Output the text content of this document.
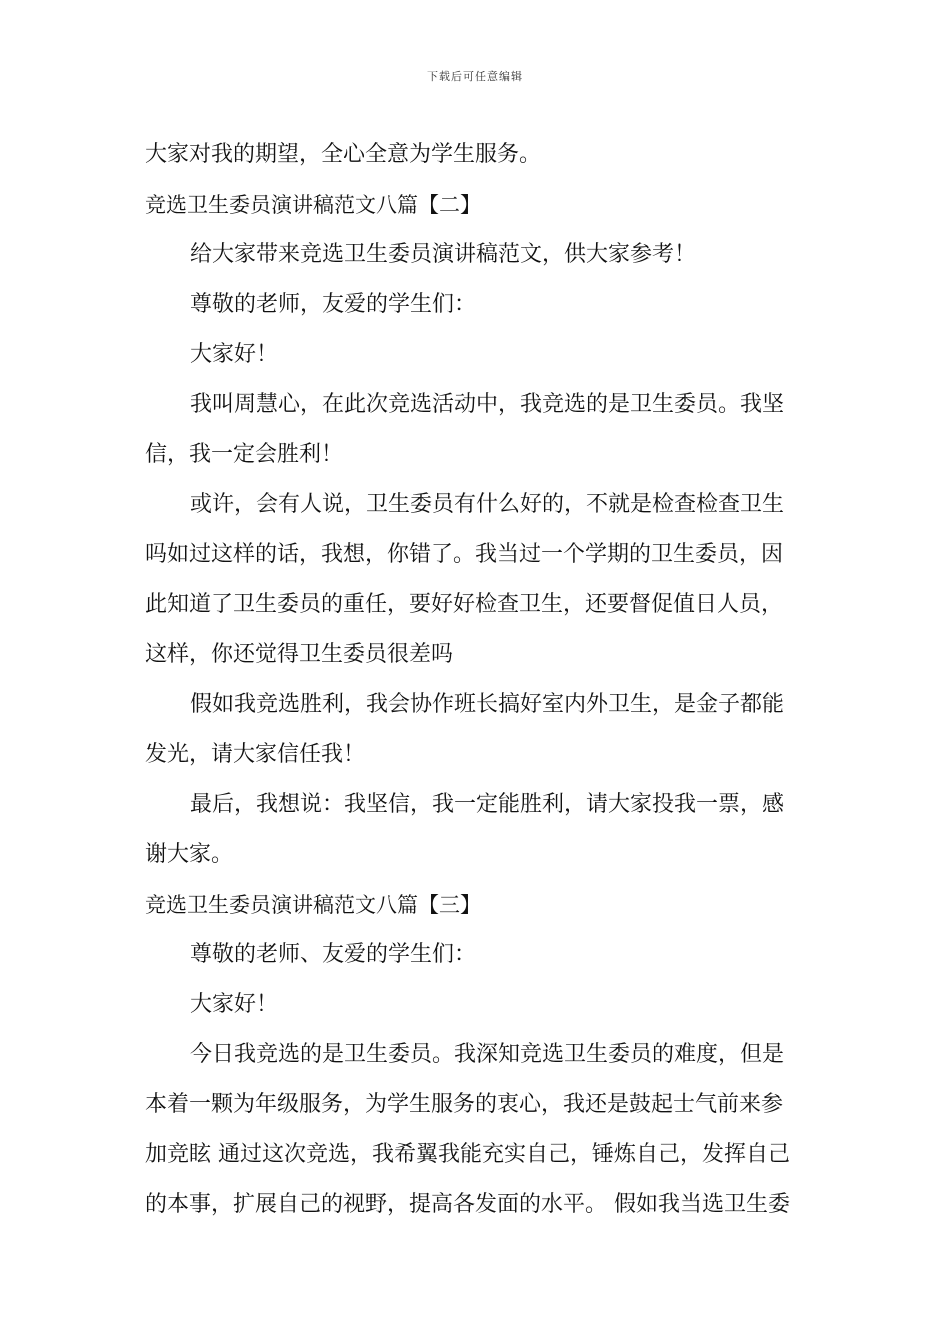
下载后可任意编辑
大家对我的期望，全心全意为学生服务。
竞选卫生委员演讲稿范文八篇【二】
给大家带来竞选卫生委员演讲稿范文，供大家参考！
尊敬的老师，友爱的学生们：
大家好！
我叫周慧心，在此次竞选活动中，我竞选的是卫生委员。我坚
信，我一定会胜利！
或许，会有人说，卫生委员有什么好的，不就是检查检查卫生
吗如过这样的话，我想，你错了。我当过一个学期的卫生委员，因
此知道了卫生委员的重任，要好好检查卫生，还要督促值日人员，
这样，你还觉得卫生委员很差吗
假如我竞选胜利，我会协作班长搞好室内外卫生，是金子都能
发光，请大家信任我！
最后，我想说：我坚信，我一定能胜利，请大家投我一票，感
谢大家。
竞选卫生委员演讲稿范文八篇【三】
尊敬的老师、友爱的学生们：
大家好！
今日我竞选的是卫生委员。我深知竞选卫生委员的难度，但是
本着一颗为年级服务，为学生服务的衷心，我还是鼓起士气前来参
加竞眩 通过这次竞选，我希翼我能充实自己，锤炼自己，发挥自己
的本事，扩展自己的视野，提高各发面的水平。 假如我当选卫生委
